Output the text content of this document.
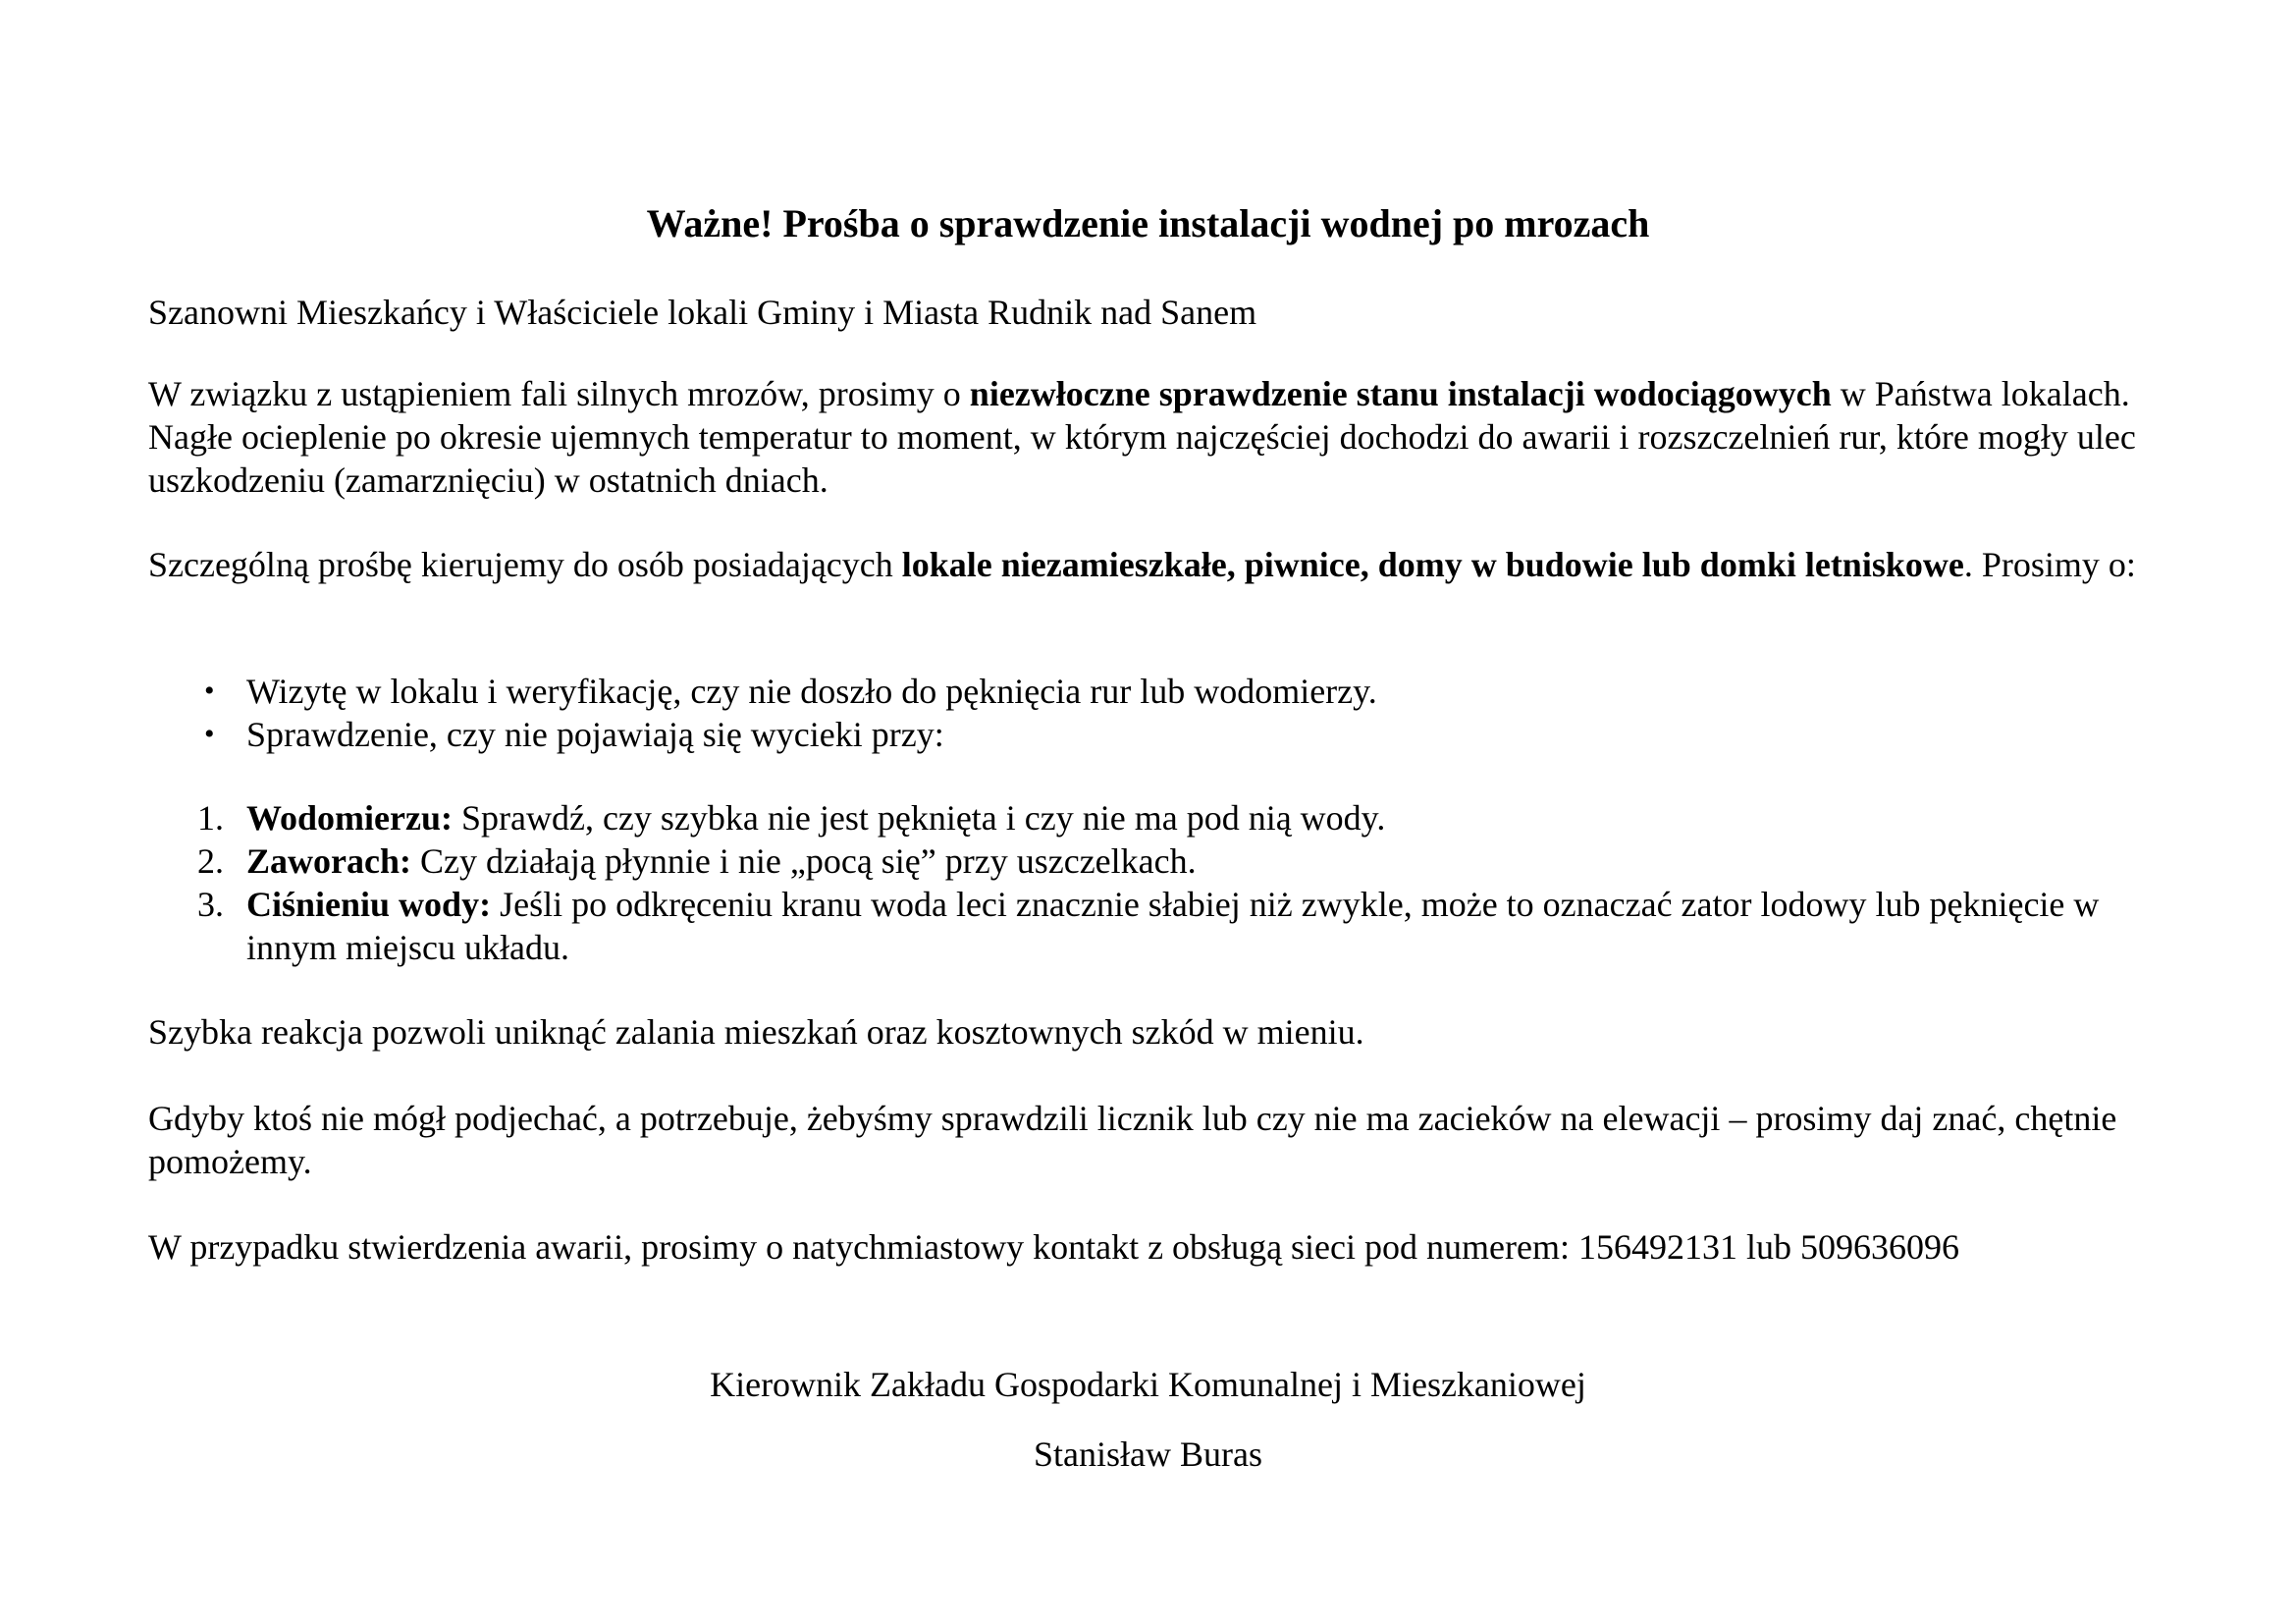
Ważne! Prośba o sprawdzenie instalacji wodnej po mrozach

Szanowni Mieszkańcy i Właściciele lokali Gminy i Miasta Rudnik nad Sanem

W związku z ustąpieniem fali silnych mrozów, prosimy o niezwłoczne sprawdzenie stanu instalacji wodociągowych w Państwa lokalach. Nagłe ocieplenie po okresie ujemnych temperatur to moment, w którym najczęściej dochodzi do awarii i rozszczelnień rur, które mogły ulec uszkodzeniu (zamarznięciu) w ostatnich dniach.

Szczególną prośbę kierujemy do osób posiadających lokale niezamieszkałe, piwnice, domy w budowie lub domki letniskowe. Prosimy o:

• Wizytę w lokalu i weryfikację, czy nie doszło do pęknięcia rur lub wodomierzy.
• Sprawdzenie, czy nie pojawiają się wycieki przy:
1. Wodomierzu: Sprawdź, czy szybka nie jest pęknięta i czy nie ma pod nią wody.
2. Zaworach: Czy działają płynnie i nie „pocą się” przy uszczelkach.
3. Ciśnieniu wody: Jeśli po odkręceniu kranu woda leci znacznie słabiej niż zwykle, może to oznaczać zator lodowy lub pęknięcie w innym miejscu układu.

Szybka reakcja pozwoli uniknąć zalania mieszkań oraz kosztownych szkód w mieniu.

Gdyby ktoś nie mógł podjechać, a potrzebuje, żebyśmy sprawdzili licznik lub czy nie ma zacieków na elewacji – prosimy daj znać, chętnie pomożemy.

W przypadku stwierdzenia awarii, prosimy o natychmiastowy kontakt z obsługą sieci pod numerem: 156492131 lub 509636096

Kierownik Zakładu Gospodarki Komunalnej i Mieszkaniowej

Stanisław Buras
